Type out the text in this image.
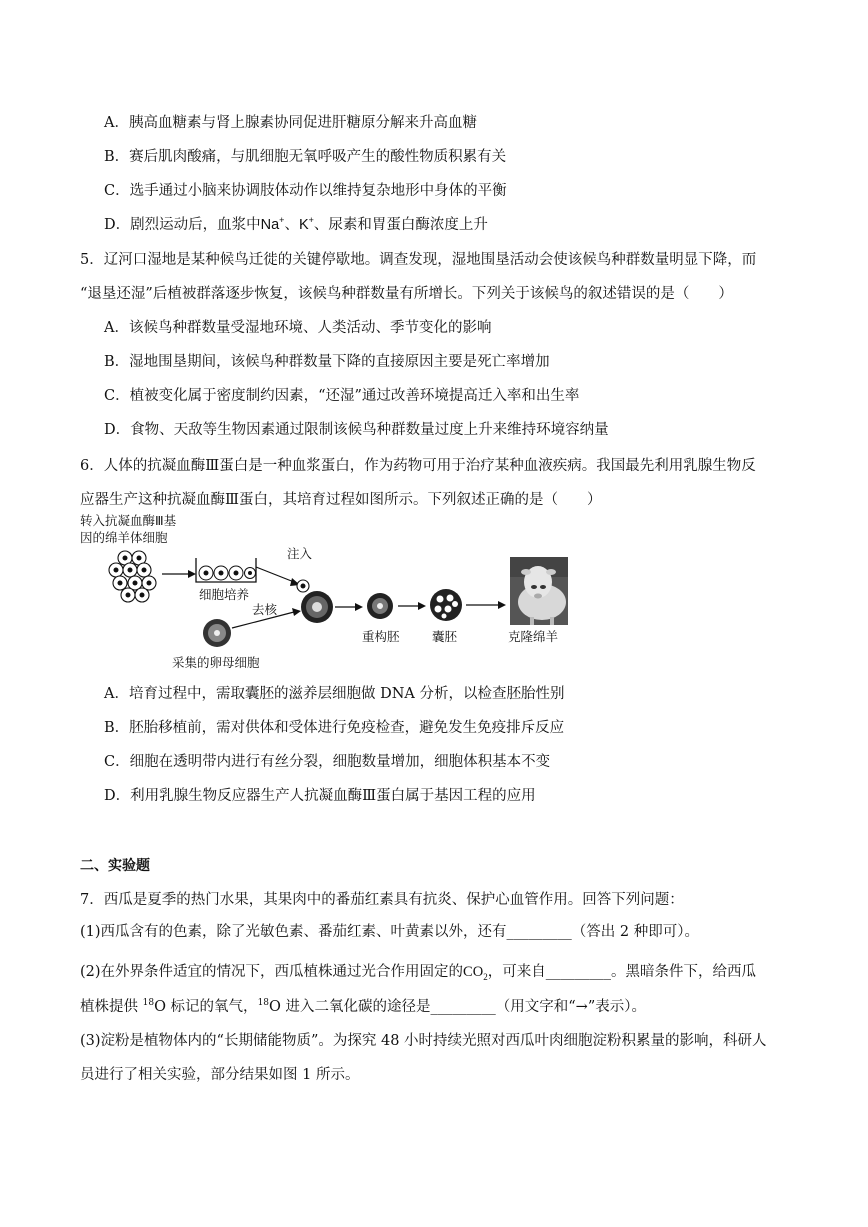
A．胰高血糖素与肾上腺素协同促进肝糖原分解来升高血糖
B．赛后肌肉酸痛，与肌细胞无氧呼吸产生的酸性物质积累有关
C．选手通过小脑来协调肢体动作以维持复杂地形中身体的平衡
D．剧烈运动后，血浆中Na+、K+、尿素和胃蛋白酶浓度上升
5．辽河口湿地是某种候鸟迁徙的关键停歇地。调查发现，湿地围垦活动会使该候鸟种群数量明显下降，而
“退垦还湿”后植被群落逐步恢复，该候鸟种群数量有所增长。下列关于该候鸟的叙述错误的是（　　）
A．该候鸟种群数量受湿地环境、人类活动、季节变化的影响
B．湿地围垦期间，该候鸟种群数量下降的直接原因主要是死亡率增加
C．植被变化属于密度制约因素，“还湿”通过改善环境提高迁入率和出生率
D．食物、天敌等生物因素通过限制该候鸟种群数量过度上升来维持环境容纳量
6．人体的抗凝血酶Ⅲ蛋白是一种血浆蛋白，作为药物可用于治疗某种血液疾病。我国最先利用乳腺生物反
应器生产这种抗凝血酶Ⅲ蛋白，其培育过程如图所示。下列叙述正确的是（　　）
转入抗凝血酶Ⅲ基
因的绵羊体细胞
细胞培养
注入
采集的卵母细胞
去核
重构胚	囊胚	克隆绵羊
A．培育过程中，需取囊胚的滋养层细胞做 DNA 分析，以检查胚胎性别
B．胚胎移植前，需对供体和受体进行免疫检查，避免发生免疫排斥反应
C．细胞在透明带内进行有丝分裂，细胞数量增加，细胞体积基本不变
D．利用乳腺生物反应器生产人抗凝血酶Ⅲ蛋白属于基因工程的应用
二、实验题
7．西瓜是夏季的热门水果，其果肉中的番茄红素具有抗炎、保护心血管作用。回答下列问题：
(1)西瓜含有的色素，除了光敏色素、番茄红素、叶黄素以外，还有_________（答出 2 种即可）。
(2)在外界条件适宜的情况下，西瓜植株通过光合作用固定的$CO_2$，可来自_________。黑暗条件下，给西瓜
植株提供 $^{18}$O 标记的氧气，$^{18}$O 进入二氧化碳的途径是_________（用文字和“→”表示）。
(3)淀粉是植物体内的“长期储能物质”。为探究 48 小时持续光照对西瓜叶肉细胞淀粉积累量的影响，科研人
员进行了相关实验，部分结果如图 1 所示。
